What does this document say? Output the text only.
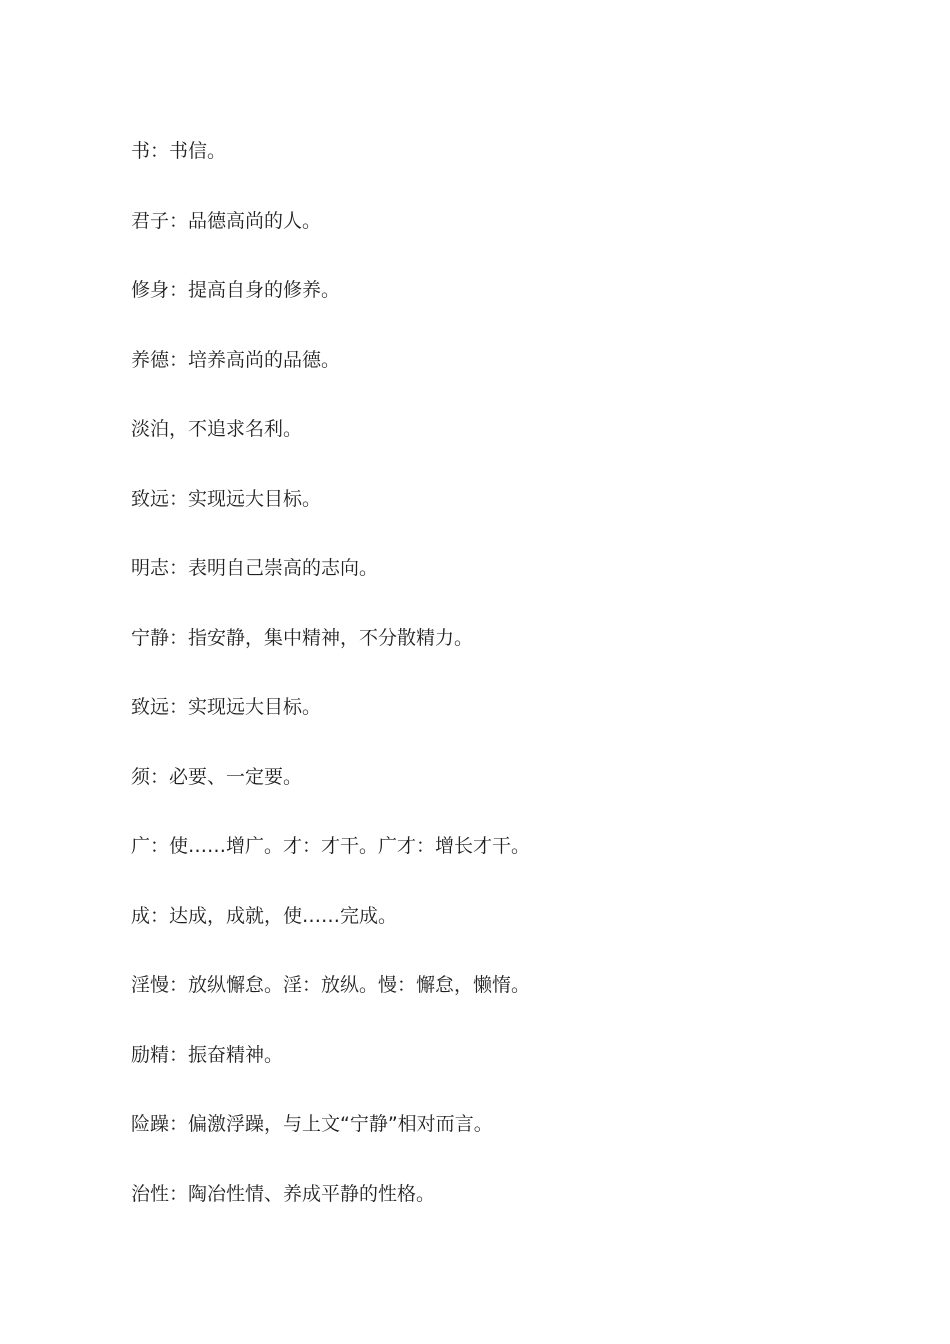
书：书信。
君子：品德高尚的人。
修身：提高自身的修养。
养德：培养高尚的品德。
淡泊，不追求名利。
致远：实现远大目标。
明志：表明自己崇高的志向。
宁静：指安静，集中精神，不分散精力。
致远：实现远大目标。
须：必要、一定要。
广：使……增广。才：才干。广才：增长才干。
成：达成，成就，使……完成。
淫慢：放纵懈怠。淫：放纵。慢：懈怠，懒惰。
励精：振奋精神。
险躁：偏激浮躁，与上文“宁静”相对而言。
治性：陶冶性情、养成平静的性格。
